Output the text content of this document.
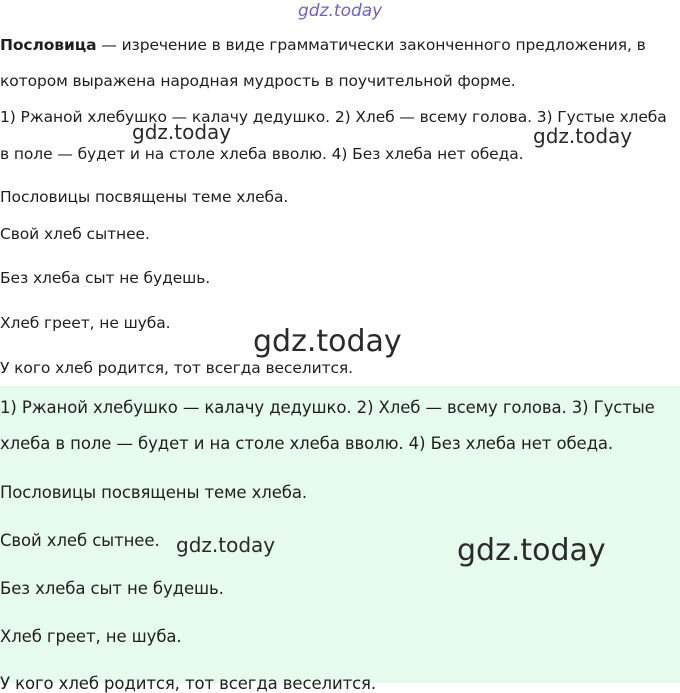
gdz.today
Пословица — изречение в виде грамматически законченного предложения, в
котором выражена народная мудрость в поучительной форме.
1) Ржаной хлебушко — калачу дедушко. 2) Хлеб — всему голова. 3) Густые хлеба
в поле — будет и на столе хлеба вволю. 4) Без хлеба нет обеда.
Пословицы посвящены теме хлеба.
Свой хлеб сытнее.
Без хлеба сыт не будешь.
Хлеб греет, не шуба.
У кого хлеб родится, тот всегда веселится.
gdz.today	gdz.today
gdz.today
1) Ржаной хлебушко — калачу дедушко. 2) Хлеб — всему голова. 3) Густые
хлеба в поле — будет и на столе хлеба вволю. 4) Без хлеба нет обеда.
Пословицы посвящены теме хлеба.
Свой хлеб сытнее.
Без хлеба сыт не будешь.
Хлеб греет, не шуба.
У кого хлеб родится, тот всегда веселится.
gdz.today	gdz.today
